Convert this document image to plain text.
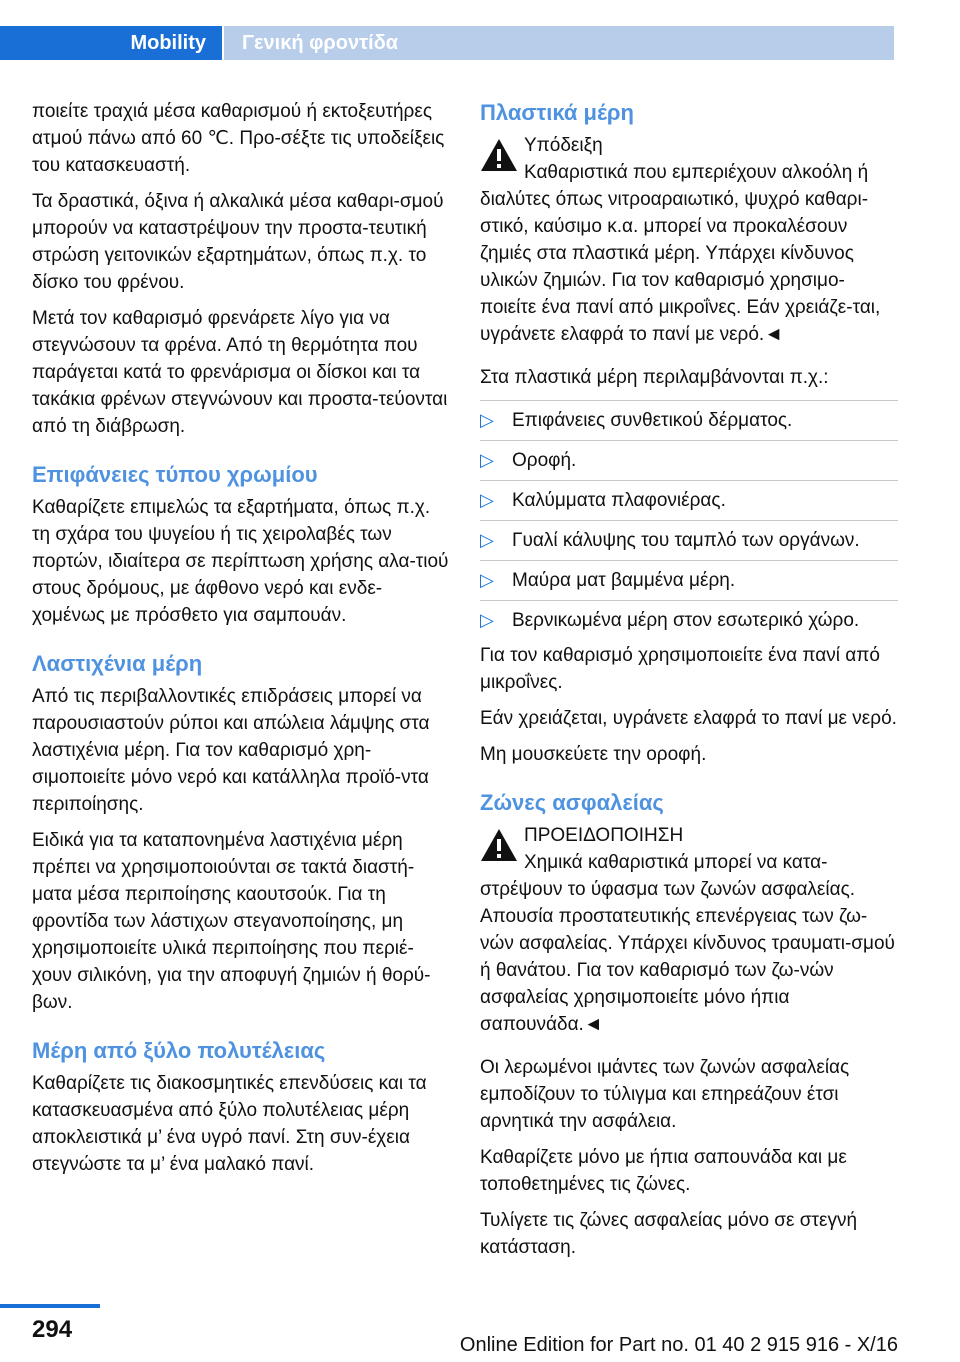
Mobility	Γενική φροντίδα

ποιείτε τραχιά μέσα καθαρισμού ή εκτοξευτήρες ατμού πάνω από 60 ℃. Προ‐σέξτε τις υποδείξεις του κατασκευαστή.

Τα δραστικά, όξινα ή αλκαλικά μέσα καθαρι‐σμού μπορούν να καταστρέψουν την προστα‐τευτική στρώση γειτονικών εξαρτημάτων, όπως π.χ. το δίσκο του φρένου.

Μετά τον καθαρισμό φρενάρετε λίγο για να στεγνώσουν τα φρένα. Από τη θερμότητα που παράγεται κατά το φρενάρισμα οι δίσκοι και τα τακάκια φρένων στεγνώνουν και προστα‐τεύονται από τη διάβρωση.

Επιφάνειες τύπου χρωμίου

Καθαρίζετε επιμελώς τα εξαρτήματα, όπως π.χ. τη σχάρα του ψυγείου ή τις χειρολαβές των πορτών, ιδιαίτερα σε περίπτωση χρήσης αλα‐τιού στους δρόμους, με άφθονο νερό και ενδε‐χομένως με πρόσθετο για σαμπουάν.

Λαστιχένια μέρη

Από τις περιβαλλοντικές επιδράσεις μπορεί να παρουσιαστούν ρύποι και απώλεια λάμψης στα λαστιχένια μέρη. Για τον καθαρισμό χρη‐σιμοποιείτε μόνο νερό και κατάλληλα προϊό‐ντα περιποίησης.

Ειδικά για τα καταπονημένα λαστιχένια μέρη πρέπει να χρησιμοποιούνται σε τακτά διαστή‐ματα μέσα περιποίησης καουτσούκ. Για τη φροντίδα των λάστιχων στεγανοποίησης, μη χρησιμοποιείτε υλικά περιποίησης που περιέ‐χουν σιλικόνη, για την αποφυγή ζημιών ή θορύ‐βων.

Μέρη από ξύλο πολυτέλειας

Καθαρίζετε τις διακοσμητικές επενδύσεις και τα κατασκευασμένα από ξύλο πολυτέλειας μέρη αποκλειστικά μ’ ένα υγρό πανί. Στη συν‐έχεια στεγνώστε τα μ’ ένα μαλακό πανί.

Πλαστικά μέρη
Υπόδειξη

Καθαριστικά που εμπεριέχουν αλκοόλη ή διαλύτες όπως νιτροαραιωτικό, ψυχρό καθαρι‐στικό, καύσιμο κ.α. μπορεί να προκαλέσουν ζημιές στα πλαστικά μέρη. Υπάρχει κίνδυνος υλικών ζημιών. Για τον καθαρισμό χρησιμο‐ποιείτε ένα πανί από μικροΐνες. Εάν χρειάζε‐ται, υγράνετε ελαφρά το πανί με νερό.◄

Στα πλαστικά μέρη περιλαμβάνονται π.χ.:

▷ Επιφάνειες συνθετικού δέρματος.
▷ Οροφή.
▷ Καλύμματα πλαφονιέρας.
▷ Γυαλί κάλυψης του ταμπλό των οργάνων.
▷ Μαύρα ματ βαμμένα μέρη.
▷ Βερνικωμένα μέρη στον εσωτερικό χώρο.

Για τον καθαρισμό χρησιμοποιείτε ένα πανί από μικροΐνες.

Εάν χρειάζεται, υγράνετε ελαφρά το πανί με νερό.

Μη μουσκεύετε την οροφή.

Ζώνες ασφαλείας
ΠΡΟΕΙΔΟΠΟΙΗΣΗ

Χημικά καθαριστικά μπορεί να κατα‐στρέψουν το ύφασμα των ζωνών ασφαλείας. Απουσία προστατευτικής επενέργειας των ζω‐νών ασφαλείας. Υπάρχει κίνδυνος τραυματι‐σμού ή θανάτου. Για τον καθαρισμό των ζω‐νών ασφαλείας χρησιμοποιείτε μόνο ήπια σαπουνάδα.◄

Οι λερωμένοι ιμάντες των ζωνών ασφαλείας εμποδίζουν το τύλιγμα και επηρεάζουν έτσι αρνητικά την ασφάλεια.

Καθαρίζετε μόνο με ήπια σαπουνάδα και με τοποθετημένες τις ζώνες.

Τυλίγετε τις ζώνες ασφαλείας μόνο σε στεγνή κατάσταση.

294
Online Edition for Part no. 01 40 2 915 916 - X/16
